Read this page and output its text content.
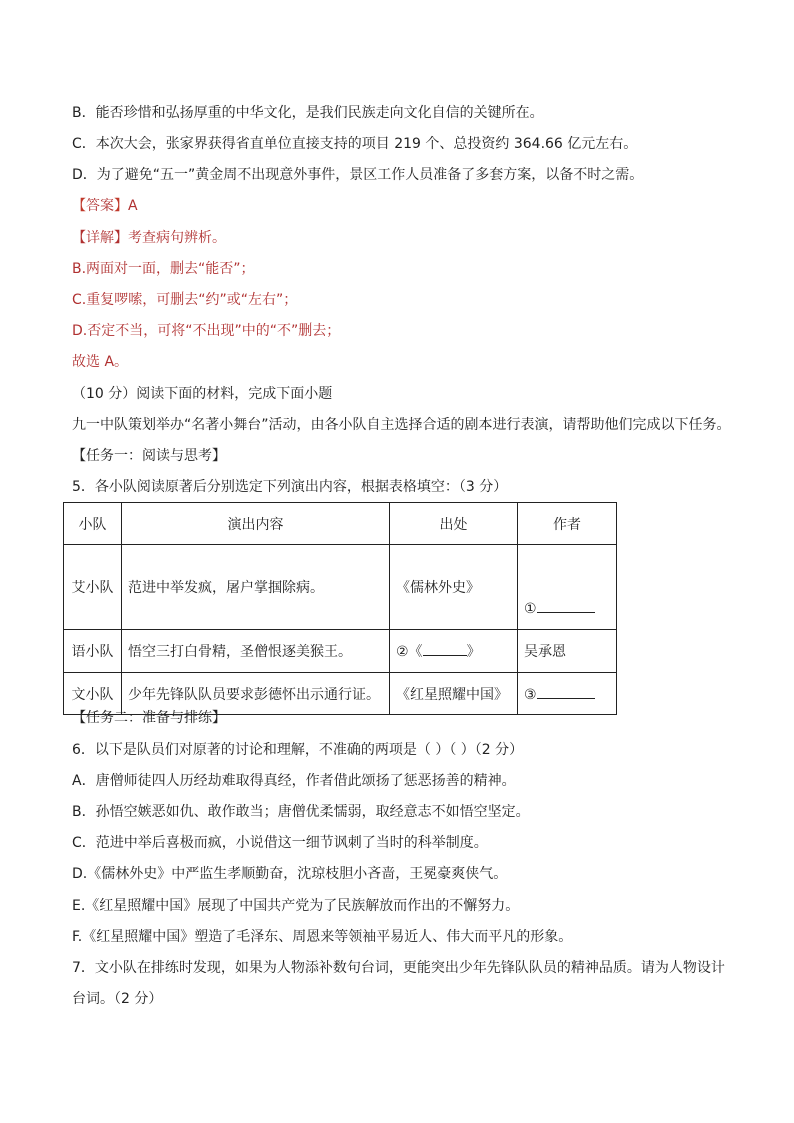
B．能否珍惜和弘扬厚重的中华文化，是我们民族走向文化自信的关键所在。
C．本次大会，张家界获得省直单位直接支持的项目 219 个、总投资约 364.66 亿元左右。
D．为了避免“五一”黄金周不出现意外事件，景区工作人员准备了多套方案，以备不时之需。
【答案】A
【详解】考查病句辨析。
B.两面对一面，删去“能否”；
C.重复啰嗦，可删去“约”或“左右”；
D.否定不当，可将“不出现”中的“不”删去；
故选 A。
（10 分）阅读下面的材料，完成下面小题
九一中队策划举办“名著小舞台”活动，由各小队自主选择合适的剧本进行表演，请帮助他们完成以下任务。
【任务一：阅读与思考】
5．各小队阅读原著后分别选定下列演出内容，根据表格填空：（3 分）
小队	演出内容	出处	作者
艾小队	范进中举发疯，屠户掌掴除病。	《儒林外史》	①
语小队	悟空三打白骨精，圣僧恨逐美猴王。	②《 》	吴承恩
文小队	少年先锋队队员要求彭德怀出示通行证。	《红星照耀中国》	③
【任务二：准备与排练】
6．以下是队员们对原著的讨论和理解，不准确的两项是（ ）（ ）（2 分）
A．唐僧师徒四人历经劫难取得真经，作者借此颂扬了惩恶扬善的精神。
B．孙悟空嫉恶如仇、敢作敢当；唐僧优柔懦弱，取经意志不如悟空坚定。
C．范进中举后喜极而疯，小说借这一细节讽刺了当时的科举制度。
D.《儒林外史》中严监生孝顺勤奋，沈琼枝胆小吝啬，王冕豪爽侠气。
E.《红星照耀中国》展现了中国共产党为了民族解放而作出的不懈努力。
F.《红星照耀中国》塑造了毛泽东、周恩来等领袖平易近人、伟大而平凡的形象。
7．文小队在排练时发现，如果为人物添补数句台词，更能突出少年先锋队队员的精神品质。请为人物设计
台词。（2 分）
